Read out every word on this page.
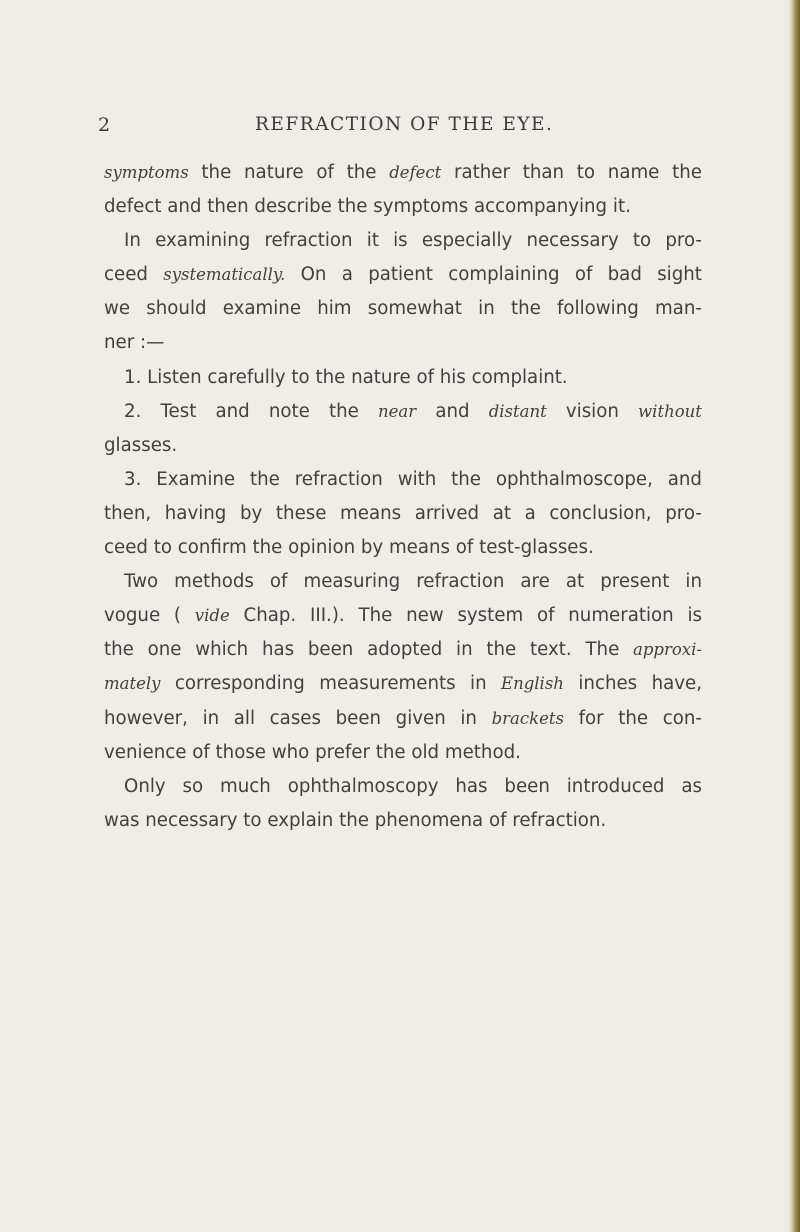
2	REFRACTION OF THE EYE.
symptoms the nature of the defect rather than to name the
defect and then describe the symptoms accompanying it.
In examining refraction it is especially necessary to pro-
ceed systematically. On a patient complaining of bad sight
we should examine him somewhat in the following man-
ner :—
1. Listen carefully to the nature of his complaint.
2. Test and note the near and distant vision without
glasses.
3. Examine the refraction with the ophthalmoscope, and
then, having by these means arrived at a conclusion, pro-
ceed to confirm the opinion by means of test-glasses.
Two methods of measuring refraction are at present in
vogue ( vide Chap. III.). The new system of numeration is
the one which has been adopted in the text. The approxi-
mately corresponding measurements in English inches have,
however, in all cases been given in brackets for the con-
venience of those who prefer the old method.
Only so much ophthalmoscopy has been introduced as
was necessary to explain the phenomena of refraction.
